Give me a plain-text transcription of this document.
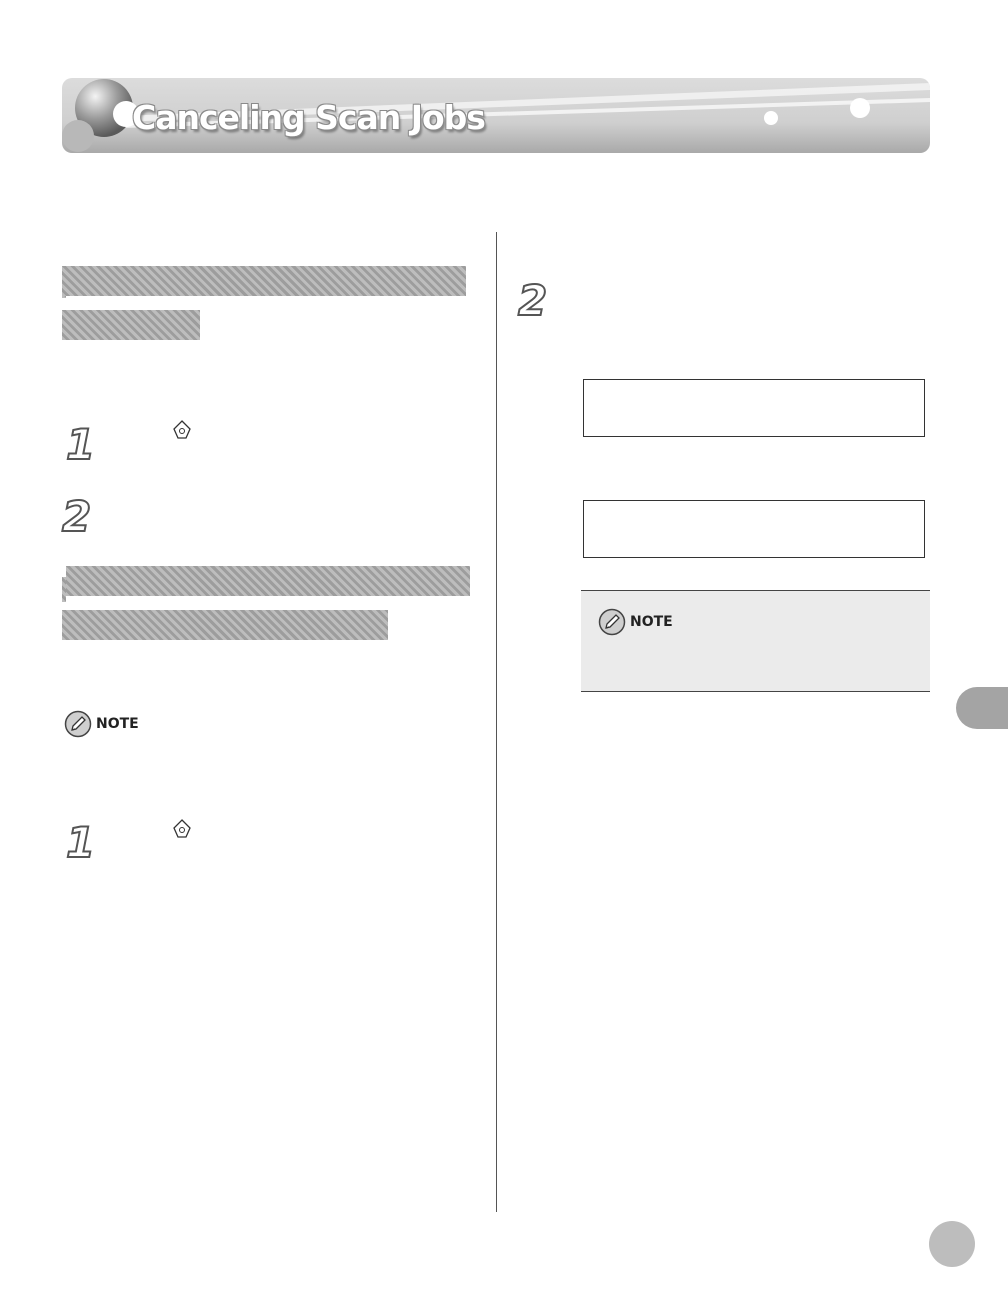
Canceling Scan Jobs

1

2

NOTE

1

2

NOTE
